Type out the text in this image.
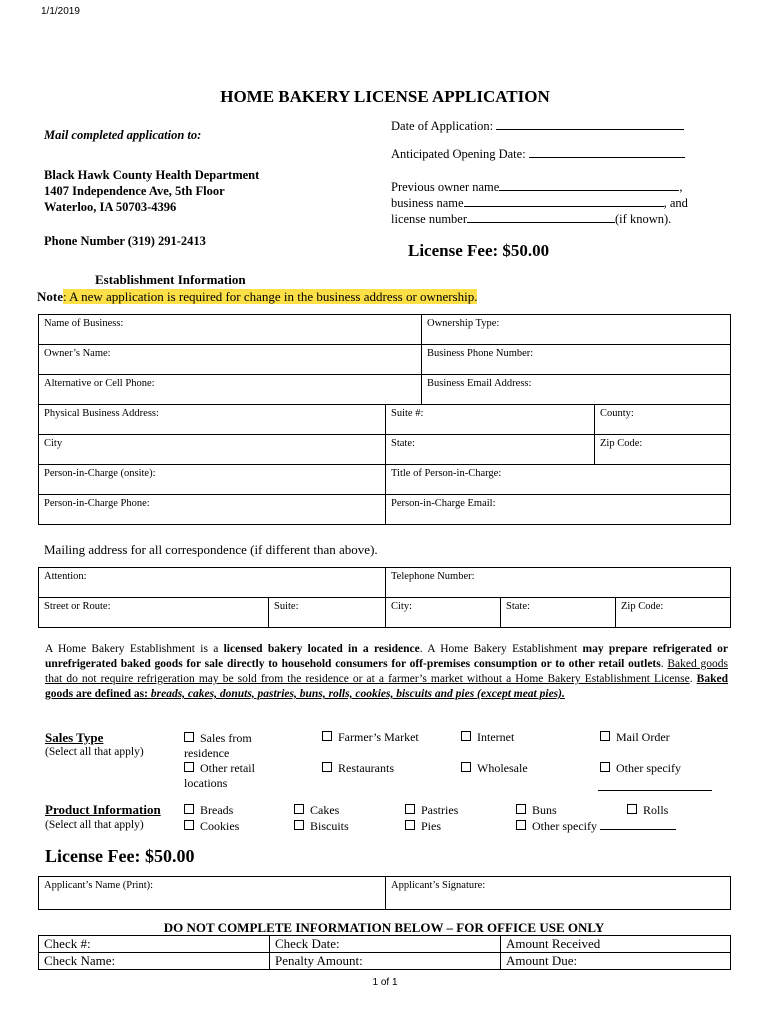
1/1/2019
HOME BAKERY LICENSE APPLICATION
Mail completed application to:
Black Hawk County Health Department
1407 Independence Ave, 5th Floor
Waterloo, IA 50703-4396
Phone Number (319) 291-2413
Date of Application:
Anticipated Opening Date:
Previous owner name	,
business name	, and
license number	(if known).
License Fee: $50.00
Establishment Information
Note: A new application is required for change in the business address or ownership.
Name of Business:		Ownership Type:	
Owner’s Name:		Business Phone Number:	
Alternative or Cell Phone:		Business Email Address:	
Physical Business Address:	Suite #:		County:
City	State:		Zip Code:
Person-in-Charge (onsite):	Title of Person-in-Charge:		
Person-in-Charge Phone:	Person-in-Charge Email:		
Mailing address for all correspondence (if different than above).
Attention:		Telephone Number:		
Street or Route:	Suite:	City:	State:	Zip Code:
A Home Bakery Establishment is a licensed bakery located in a residence. A Home Bakery Establishment may prepare refrigerated or unrefrigerated baked goods for sale directly to household consumers for off-premises consumption or to other retail outlets. Baked goods that do not require refrigeration may be sold from the residence or at a farmer’s market without a Home Bakery Establishment License. Baked goods are defined as: breads, cakes, donuts, pastries, buns, rolls, cookies, biscuits and pies (except meat pies).
Sales Type
(Select all that apply)
Sales from residence
Farmer’s Market	Internet	Mail Order
Other retail locations
Restaurants	Wholesale	Other specify
Product Information
(Select all that apply)
Breads	Cakes	Pastries	Buns	Rolls
Cookies	Biscuits	Pies	Other specify
License Fee: $50.00
Applicant’s Name (Print):	Applicant’s Signature:
DO NOT COMPLETE INFORMATION BELOW – FOR OFFICE USE ONLY
Check #:	Check Date:	Amount Received
Check Name:	Penalty Amount:	Amount Due:
1 of 1
